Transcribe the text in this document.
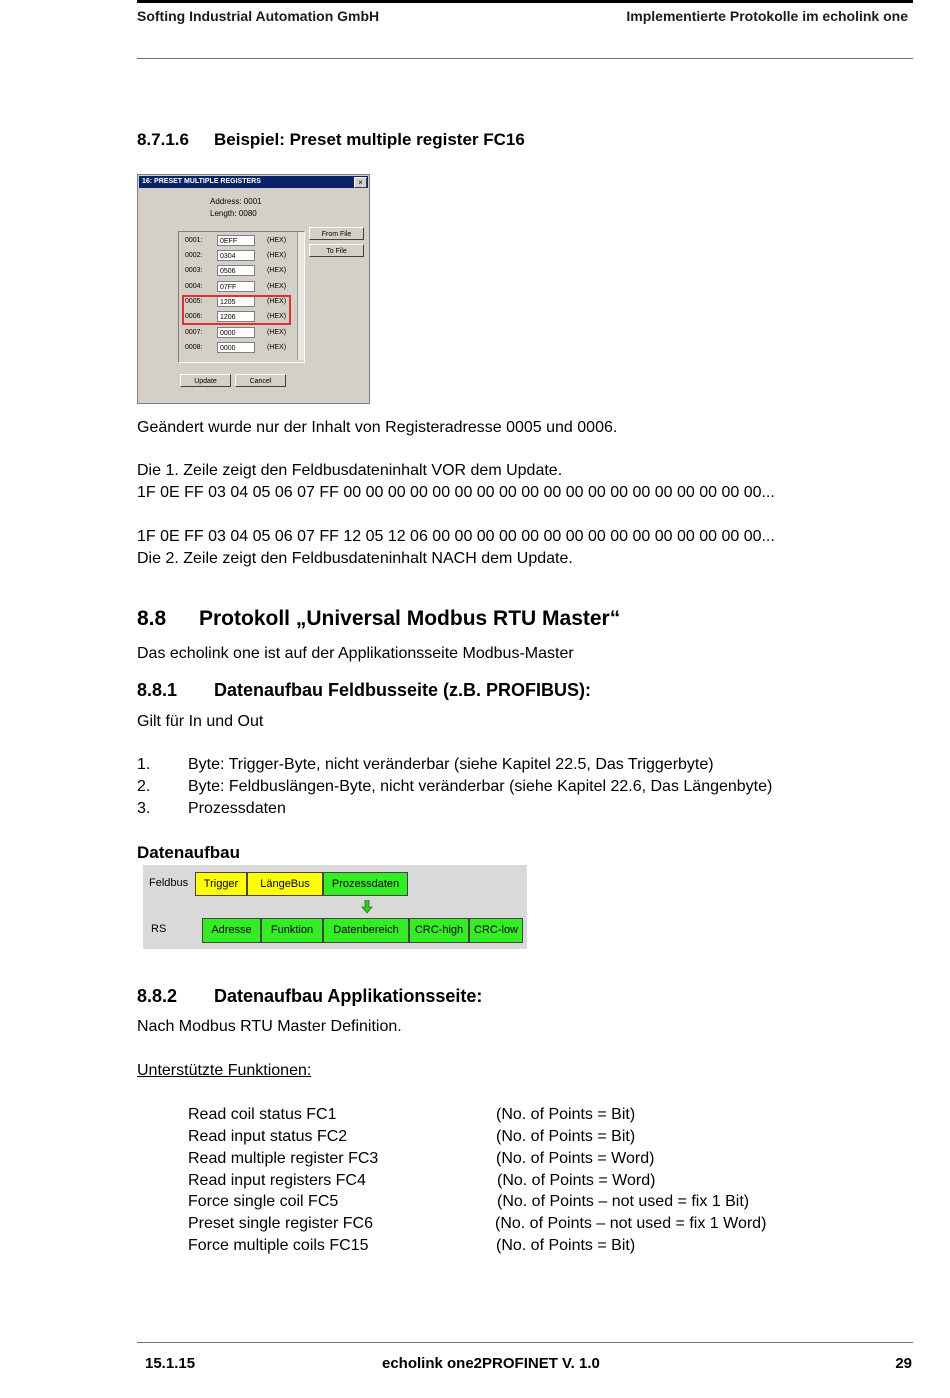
Softing Industrial Automation GmbH	Implementierte Protokolle im echolink one
8.7.1.6 Beispiel: Preset multiple register FC16
16: PRESET MULTIPLE REGISTERS	×
Address: 0001
Length: 0080
0001:	0EFF	(HEX)
0002:	0304	(HEX)
0003:	0506	(HEX)
0004:	07FF	(HEX)
0005:	1205	(HEX)
0006:	1206	(HEX)
0007:	0000	(HEX)
0008:	0000	(HEX)
From File
To File
Update	Cancel
Geändert wurde nur der Inhalt von Registeradresse 0005 und 0006.
Die 1. Zeile zeigt den Feldbusdateninhalt VOR dem Update.
1F 0E FF 03 04 05 06 07 FF 00 00 00 00 00 00 00 00 00 00 00 00 00 00 00 00 00 00 00...
1F 0E FF 03 04 05 06 07 FF 12 05 12 06 00 00 00 00 00 00 00 00 00 00 00 00 00 00 00...
Die 2. Zeile zeigt den Feldbusdateninhalt NACH dem Update.
8.8 Protokoll „Universal Modbus RTU Master“
Das echolink one ist auf der Applikationsseite Modbus-Master
8.8.1 Datenaufbau Feldbusseite (z.B. PROFIBUS):
Gilt für In und Out
1. Byte: Trigger-Byte, nicht veränderbar (siehe Kapitel 22.5, Das Triggerbyte)
2. Byte: Feldbuslängen-Byte, nicht veränderbar (siehe Kapitel 22.6, Das Längenbyte)
3. Prozessdaten
Datenaufbau
Feldbus
RS
Trigger	LängeBus	Prozessdaten
Adresse	Funktion	Datenbereich	CRC-high CRC-low
8.8.2 Datenaufbau Applikationsseite:
Nach Modbus RTU Master Definition.
Unterstützte Funktionen:
Read coil status FC1	(No. of Points = Bit)
Read input status FC2	(No. of Points = Bit)
Read multiple register FC3	(No. of Points = Word)
Read input registers FC4	(No. of Points = Word)
Force single coil FC5	(No. of Points – not used = fix 1 Bit)
Preset single register FC6	(No. of Points – not used = fix 1 Word)
Force multiple coils FC15	(No. of Points = Bit)
15.1.15	echolink one2PROFINET V. 1.0	29
